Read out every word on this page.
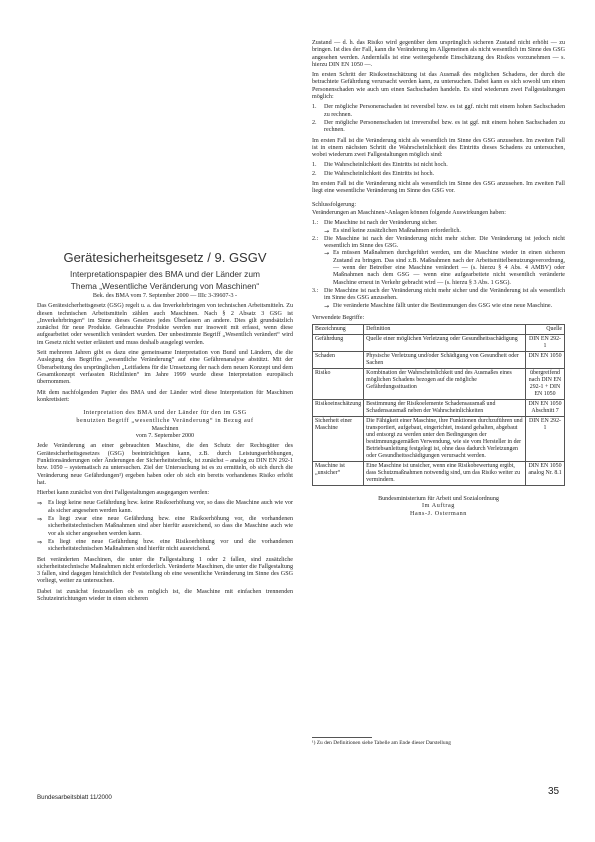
Gerätesicherheitsgesetz / 9. GSGV
Interpretationspapier des BMA und der Länder zum
Thema „Wesentliche Veränderung von Maschinen“

Bek. des BMA vom 7. September 2000 — IIIc 3-39607-3 -

Das Gerätesicherheitsgesetz (GSG) regelt u. a. das Inverkehrbringen von technischen Arbeitsmitteln. Zu diesen technischen Arbeitsmitteln zählen auch Maschinen. Nach § 2 Absatz 3 GSG ist „Inverkehrbringen“ im Sinne dieses Gesetzes jedes Überlassen an andere. Dies gilt grundsätzlich zunächst für neue Produkte. Gebrauchte Produkte werden nur insoweit mit erfasst, wenn diese aufgearbeitet oder wesentlich verändert wurden. Der unbestimmte Begriff „Wesentlich verändert“ wird im Gesetz nicht weiter erläutert und muss deshalb ausgelegt werden.

Seit mehreren Jahren gibt es dazu eine gemeinsame Interpretation von Bund und Ländern, die die Auslegung des Begriffes „wesentliche Veränderung“ auf eine Gefährenanalyse abstützt. Mit der Überarbeitung des ursprünglichen „Leitfadens für die Umsetzung der nach dem neuen Konzept und dem Gesamtkonzept verfassten Richtlinien“ im Jahre 1999 wurde diese Interpretation europäisch übernommen.

Mit dem nachfolgenden Papier des BMA und der Länder wird diese Interpretation für Maschinen konkretisiert:

Interpretation des BMA und der Länder für den im GSG
benutzten Begriff „wesentliche Veränderung“ in Bezug auf
Maschinen

vom 7. September 2000

Jede Veränderung an einer gebrauchten Maschine, die den Schutz der Rechtsgüter des Gerätesicherheitsgesetzes (GSG) beeinträchtigen kann, z.B. durch Leistungserhöhungen, Funktionsänderungen oder Änderungen der Sicherheitstechnik, ist zunächst – analog zu DIN EN 292-1 bzw. 1050 – systematisch zu untersuchen. Ziel der Untersuchung ist es zu ermitteln, ob sich durch die Veränderung neue Gefährdungen¹) ergeben haben oder ob sich ein bereits vorhandenes Risiko erhöht hat.

Hierbei kann zunächst von drei Fallgestaltungen ausgegangen werden:

⇒ Es liegt keine neue Gefährdung bzw. keine Risikoerhöhung vor, so dass die Maschine auch wie vor als sicher angesehen werden kann.
⇒ Es liegt zwar eine neue Gefährdung bzw. eine Risikoerhöhung vor, die vorhandenen sicherheitstechnischen Maßnahmen sind aber hierfür ausreichend, so dass die Maschine auch wie vor als sicher angesehen werden kann.
⇒ Es liegt eine neue Gefährdung bzw. eine Risikoerhöhung vor und die vorhandenen sicherheitstechnischen Maßnahmen sind hierfür nicht ausreichend.

Bei veränderten Maschinen, die unter die Fallgestaltung 1 oder 2 fallen, sind zusätzliche sicherheitstechnische Maßnahmen nicht erforderlich. Veränderte Maschinen, die unter die Fallgestaltung 3 fallen, sind dagegen hinsichtlich der Feststellung ob eine wesentliche Veränderung im Sinne des GSG vorliegt, weiter zu untersuchen.

Dabei ist zunächst festzustellen ob es möglich ist, die Maschine mit einfachen trennenden Schutzeinrichtungen wieder in einen sicheren

Zustand — d. h. das Risiko wird gegenüber dem ursprünglich sicheren Zustand nicht erhöht — zu bringen. Ist dies der Fall, kann die Veränderung im Allgemeinen als nicht wesentlich im Sinne des GSG angesehen werden. Andernfalls ist eine weitergehende Einschätzung des Risikos vorzunehmen — s. hierzu DIN EN 1050 —.

Im ersten Schritt der Risikoeinschätzung ist das Ausmaß des möglichen Schadens, der durch die betrachtete Gefährdung verursacht werden kann, zu untersuchen. Dabei kann es sich sowohl um einen Personenschaden wie auch um einen Sachschaden handeln. Es sind wiederum zwei Fallgestaltungen möglich:

1. Der mögliche Personenschaden ist reversibel bzw. es ist ggf. nicht mit einem hohen Sachschaden zu rechnen.
2. Der mögliche Personenschaden ist irreversibel bzw. es ist ggf. mit einem hohen Sachschaden zu rechnen.

Im ersten Fall ist die Veränderung nicht als wesentlich im Sinne des GSG anzusehen. Im zweiten Fall ist in einem nächsten Schritt die Wahrscheinlichkeit des Eintritts dieses Schadens zu untersuchen, wobei wiederum zwei Fallgestaltungen möglich sind:

1. Die Wahrscheinlichkeit des Eintritts ist nicht hoch.
2. Die Wahrscheinlichkeit des Eintritts ist hoch.

Im ersten Fall ist die Veränderung nicht als wesentlich im Sinne des GSG anzusehen. Im zweiten Fall liegt eine wesentliche Veränderung im Sinne des GSG vor.

Schlussfolgerung:

Veränderungen an Maschinen/-Anlagen können folgende Auswirkungen haben:

1.: Die Maschine ist nach der Veränderung sicher.
→ Es sind keine zusätzlichen Maßnahmen erforderlich.
2.: Die Maschine ist nach der Veränderung nicht mehr sicher. Die Veränderung ist jedoch nicht wesentlich im Sinne des GSG.
→ Es müssen Maßnahmen durchgeführt werden, um die Maschine wieder in einen sicheren Zustand zu bringen. Das sind z.B. Maßnahmen nach der Arbeitsmittelbenutzungsverordnung, — wenn der Betreiber eine Maschine verändert — (s. hierzu § 4 Abs. 4 AMBV) oder Maßnahmen nach dem GSG — wenn eine aufgearbeitete nicht wesentlich veränderte Maschine erneut in Verkehr gebracht wird — (s. hierzu § 3 Abs. 1 GSG).
3.: Die Maschine ist nach der Veränderung nicht mehr sicher und die Veränderung ist als wesentlich im Sinne des GSG anzusehen.
→ Die veränderte Maschine fällt unter die Bestimmungen des GSG wie eine neue Maschine.

Verwendete Begriffe:

Bezeichnung	Definition	Quelle
Gefährdung	Quelle einer möglichen Verletzung oder Gesundheitsschädigung	DIN EN 292-1
Schaden	Physische Verletzung und/oder Schädigung von Gesundheit oder Sachen	DIN EN 1050
Risiko	Kombination der Wahrscheinlichkeit und des Ausmaßes eines möglichen Schadens bezogen auf die mögliche Gefährdungssituation	übergreifend nach DIN EN 292-1 + DIN EN 1050
Risikoeinschätzung	Bestimmung der Risikoelemente Schadensausmaß und Schadensausmaß neben der Wahrscheinlichkeiten	DIN EN 1050 Abschnitt 7
Sicherheit einer Maschine	Die Fähigkeit einer Maschine, ihre Funktionen durchzuführen und transportiert, aufgebaut, eingerichtet, instand gehalten, abgebaut und entsorgt zu werden unter den Bedingungen der bestimmungsgemäßen Verwendung, wie sie vom Hersteller in der Betriebsanleitung festgelegt ist, ohne dass dadurch Verletzungen oder Gesundheitsschädigungen verursacht werden.	DIN EN 292-1
Maschine ist „unsicher“	Eine Maschine ist unsicher, wenn eine Risikobewertung ergibt, dass Schutzmaßnahmen notwendig sind, um das Risiko weiter zu vermindern.	DIN EN 1050 analog Nr. 8.1
Bundesministerium für Arbeit und Sozialordnung
Im Auftrag
Hans-J. Ostermann
¹) Zu den Definitionen siehe Tabelle am Ende dieser Darstellung
Bundesarbeitsblatt 11/2000
35
